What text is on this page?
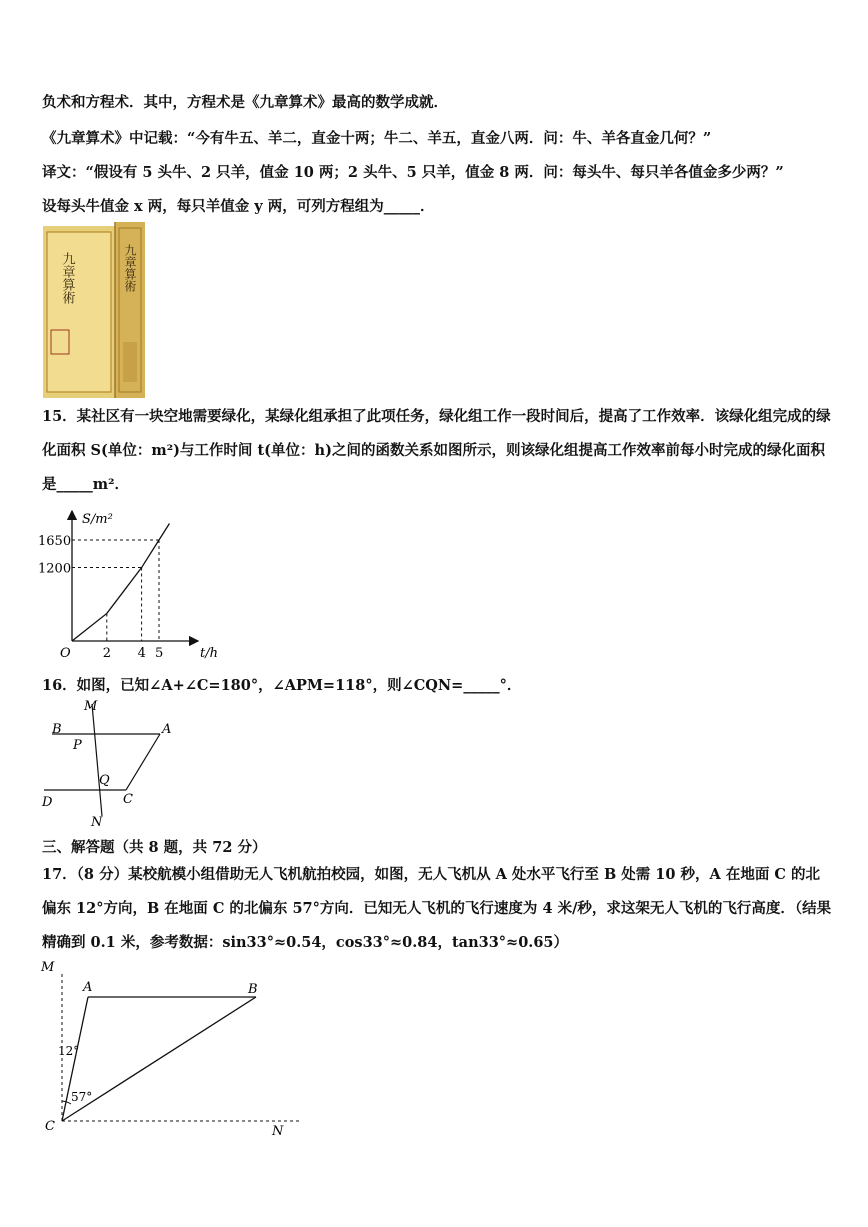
负术和方程术．其中，方程术是《九章算术》最高的数学成就．
《九章算术》中记载：“今有牛五、羊二，直金十两；牛二、羊五，直金八两．问：牛、羊各直金几何？”
译文：“假设有 5 头牛、2 只羊，值金 10 两；2 头牛、5 只羊，值金 8 两．问：每头牛、每只羊各值金多少两？”
设每头牛值金 x 两，每只羊值金 y 两，可列方程组为_____．
九章算術	九章算術
15．某社区有一块空地需要绿化，某绿化组承担了此项任务，绿化组工作一段时间后，提高了工作效率．该绿化组完成的绿化面积 S(单位：m²)与工作时间 t(单位：h)之间的函数关系如图所示，则该绿化组提高工作效率前每小时完成的绿化面积是_____m²．
S/m²
t/h
O 2 4 5
1200
1650
16．如图，已知∠A+∠C=180°，∠APM=118°，则∠CQN=_____°．
M
B	A
P
Q
D	C
N
三、解答题（共 8 题，共 72 分）
17．（8 分）某校航模小组借助无人飞机航拍校园，如图，无人飞机从 A 处水平飞行至 B 处需 10 秒，A 在地面 C 的北偏东 12°方向，B 在地面 C 的北偏东 57°方向．已知无人飞机的飞行速度为 4 米/秒，求这架无人飞机的飞行高度．（结果精确到 0.1 米，参考数据：sin33°≈0.54，cos33°≈0.84，tan33°≈0.65）
M
A	B
C	N
12°
57°
